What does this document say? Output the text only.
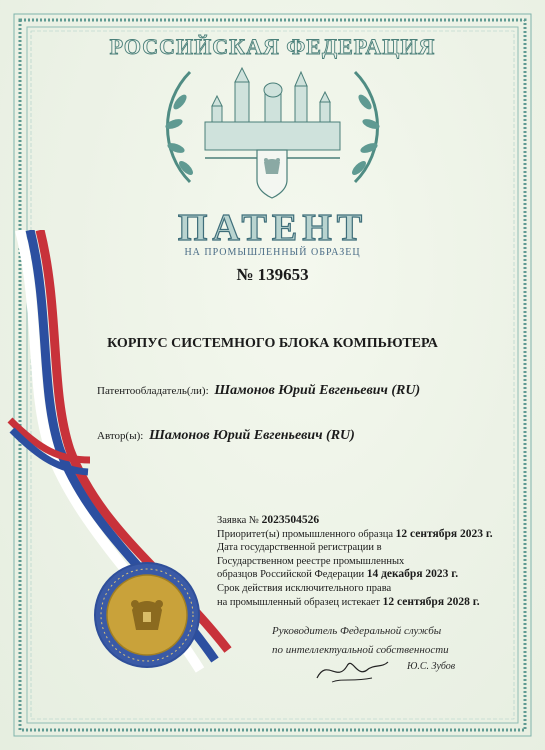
РОССИЙСКАЯ ФЕДЕРАЦИЯ
ПАТЕНТ
НА ПРОМЫШЛЕННЫЙ ОБРАЗЕЦ
№ 139653
КОРПУС СИСТЕМНОГО БЛОКА КОМПЬЮТЕРА
Патентообладатель(ли): Шамонов Юрий Евгеньевич (RU)
Автор(ы): Шамонов Юрий Евгеньевич (RU)
Заявка № 2023504526
Приоритет(ы) промышленного образца 12 сентября 2023 г.
Дата государственной регистрации в
Государственном реестре промышленных
образцов Российской Федерации 14 декабря 2023 г.
Срок действия исключительного права
на промышленный образец истекает 12 сентября 2028 г.
Руководитель Федеральной службы
по интеллектуальной собственности
Ю.С. Зубов
